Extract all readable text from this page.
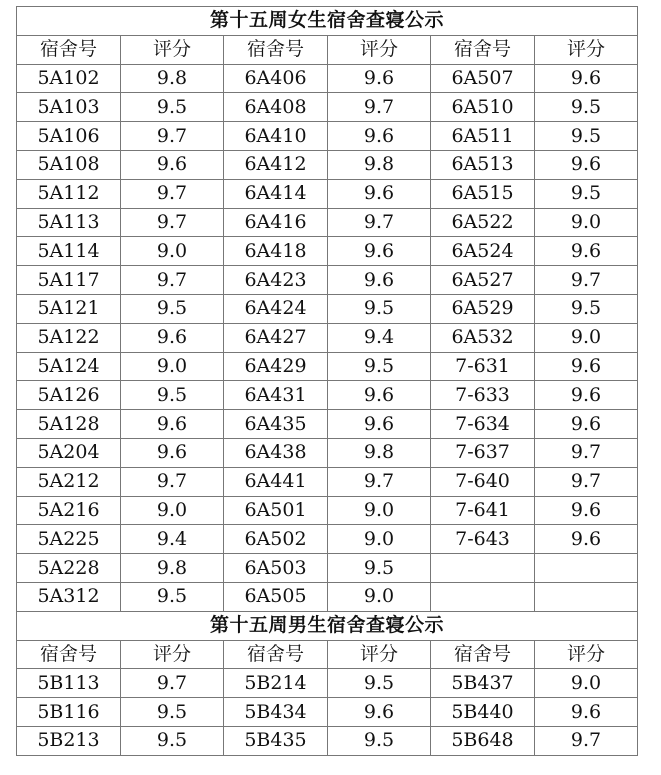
第十五周女生宿舍查寝公示					
宿舍号	评分	宿舍号	评分	宿舍号	评分
5A102	9.8	6A406	9.6	6A507	9.6
5A103	9.5	6A408	9.7	6A510	9.5
5A106	9.7	6A410	9.6	6A511	9.5
5A108	9.6	6A412	9.8	6A513	9.6
5A112	9.7	6A414	9.6	6A515	9.5
5A113	9.7	6A416	9.7	6A522	9.0
5A114	9.0	6A418	9.6	6A524	9.6
5A117	9.7	6A423	9.6	6A527	9.7
5A121	9.5	6A424	9.5	6A529	9.5
5A122	9.6	6A427	9.4	6A532	9.0
5A124	9.0	6A429	9.5	7-631	9.6
5A126	9.5	6A431	9.6	7-633	9.6
5A128	9.6	6A435	9.6	7-634	9.6
5A204	9.6	6A438	9.8	7-637	9.7
5A212	9.7	6A441	9.7	7-640	9.7
5A216	9.0	6A501	9.0	7-641	9.6
5A225	9.4	6A502	9.0	7-643	9.6
5A228	9.8	6A503	9.5		
5A312	9.5	6A505	9.0		
第十五周男生宿舍查寝公示					
宿舍号	评分	宿舍号	评分	宿舍号	评分
5B113	9.7	5B214	9.5	5B437	9.0
5B116	9.5	5B434	9.6	5B440	9.6
5B213	9.5	5B435	9.5	5B648	9.7
